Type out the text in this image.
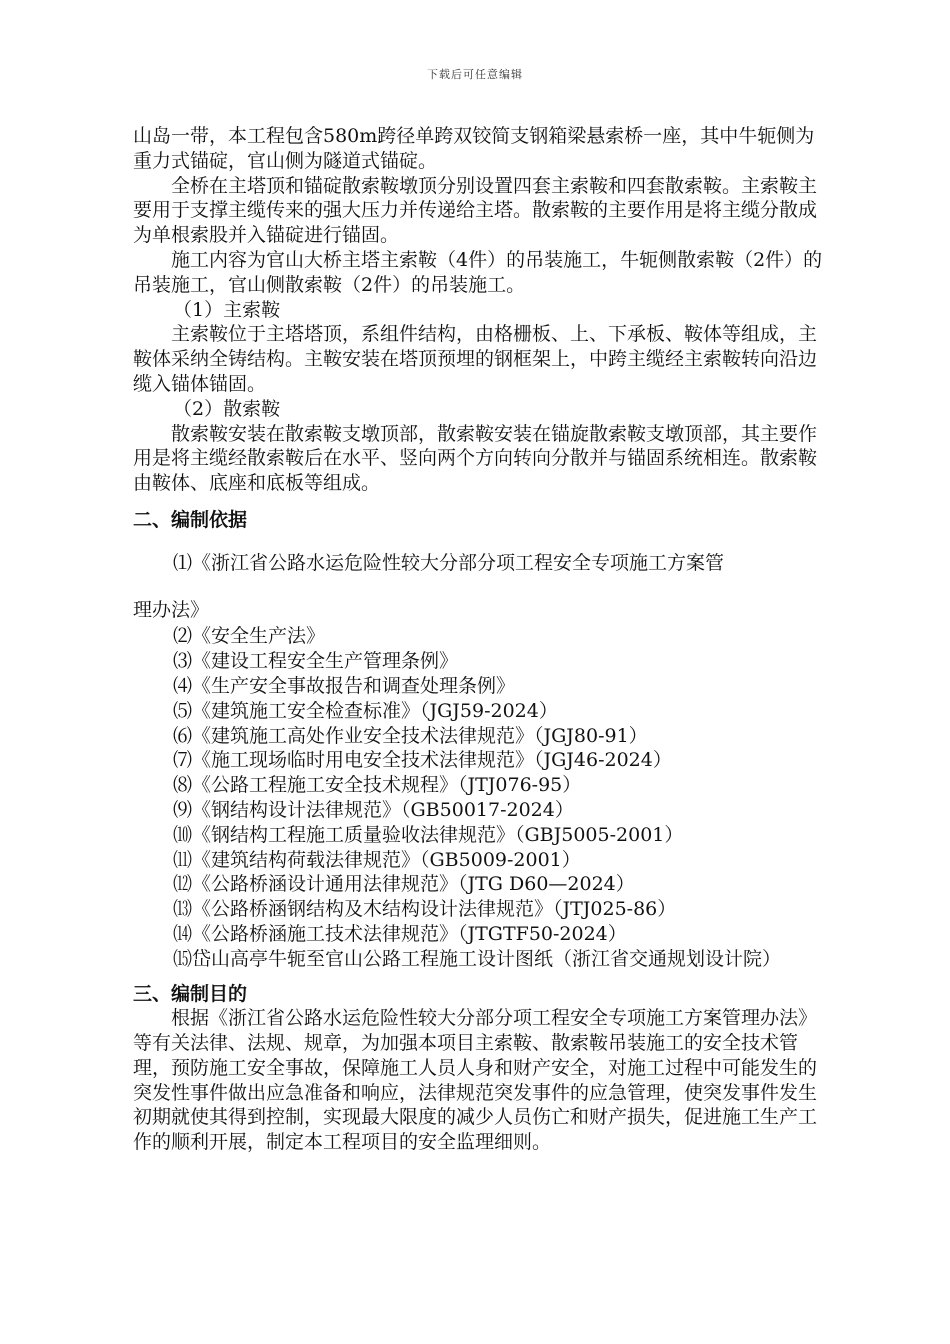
下载后可任意编辑

山岛一带，本工程包含580m跨径单跨双铰简支钢箱梁悬索桥一座，其中牛轭侧为重力式锚碇，官山侧为隧道式锚碇。

全桥在主塔顶和锚碇散索鞍墩顶分别设置四套主索鞍和四套散索鞍。主索鞍主要用于支撑主缆传来的强大压力并传递给主塔。散索鞍的主要作用是将主缆分散成为单根索股并入锚碇进行锚固。

施工内容为官山大桥主塔主索鞍（4件）的吊装施工，牛轭侧散索鞍（2件）的吊装施工，官山侧散索鞍（2件）的吊装施工。

（1）主索鞍

主索鞍位于主塔塔顶，系组件结构，由格栅板、上、下承板、鞍体等组成，主鞍体采纳全铸结构。主鞍安装在塔顶预埋的钢框架上，中跨主缆经主索鞍转向沿边缆入锚体锚固。

（2）散索鞍

散索鞍安装在散索鞍支墩顶部，散索鞍安装在锚旋散索鞍支墩顶部，其主要作用是将主缆经散索鞍后在水平、竖向两个方向转向分散并与锚固系统相连。散索鞍由鞍体、底座和底板等组成。

二、编制依据

⑴《浙江省公路水运危险性较大分部分项工程安全专项施工方案管

理办法》

⑵《安全生产法》
⑶《建设工程安全生产管理条例》
⑷《生产安全事故报告和调查处理条例》
⑸《建筑施工安全检查标准》（JGJ59-2024）
⑹《建筑施工高处作业安全技术法律规范》（JGJ80-91）
⑺《施工现场临时用电安全技术法律规范》（JGJ46-2024）
⑻《公路工程施工安全技术规程》（JTJ076-95）
⑼《钢结构设计法律规范》（GB50017-2024）
⑽《钢结构工程施工质量验收法律规范》（GBJ5005-2001）
⑾《建筑结构荷载法律规范》（GB5009-2001）
⑿《公路桥涵设计通用法律规范》（JTG D60—2024）
⒀《公路桥涵钢结构及木结构设计法律规范》（JTJ025-86）
⒁《公路桥涵施工技术法律规范》（JTGTF50-2024）

⒂岱山高亭牛轭至官山公路工程施工设计图纸（浙江省交通规划设计院）

三、编制目的

根据《浙江省公路水运危险性较大分部分项工程安全专项施工方案管理办法》等有关法律、法规、规章，为加强本项目主索鞍、散索鞍吊装施工的安全技术管理，预防施工安全事故，保障施工人员人身和财产安全，对施工过程中可能发生的突发性事件做出应急准备和响应，法律规范突发事件的应急管理，使突发事件发生初期就使其得到控制，实现最大限度的减少人员伤亡和财产损失，促进施工生产工作的顺利开展，制定本工程项目的安全监理细则。
